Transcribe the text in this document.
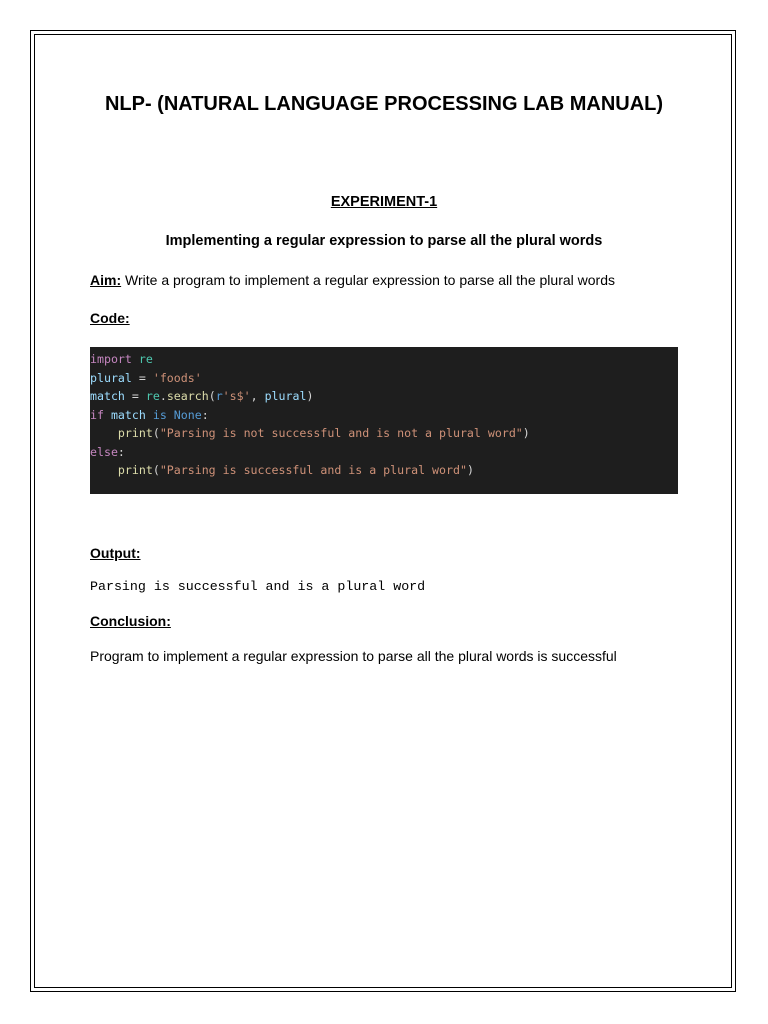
NLP- (NATURAL LANGUAGE PROCESSING LAB MANUAL)
EXPERIMENT-1
Implementing a regular expression to parse all the plural words

Aim: Write a program to implement a regular expression to parse all the plural words

Code:

import re
plural = 'foods'
match = re.search(r's$', plural)
if match is None:
print("Parsing is not successful and is not a plural word")
else:
print("Parsing is successful and is a plural word")

Output:

Parsing is successful and is a plural word

Conclusion:

Program to implement a regular expression to parse all the plural words is successful
